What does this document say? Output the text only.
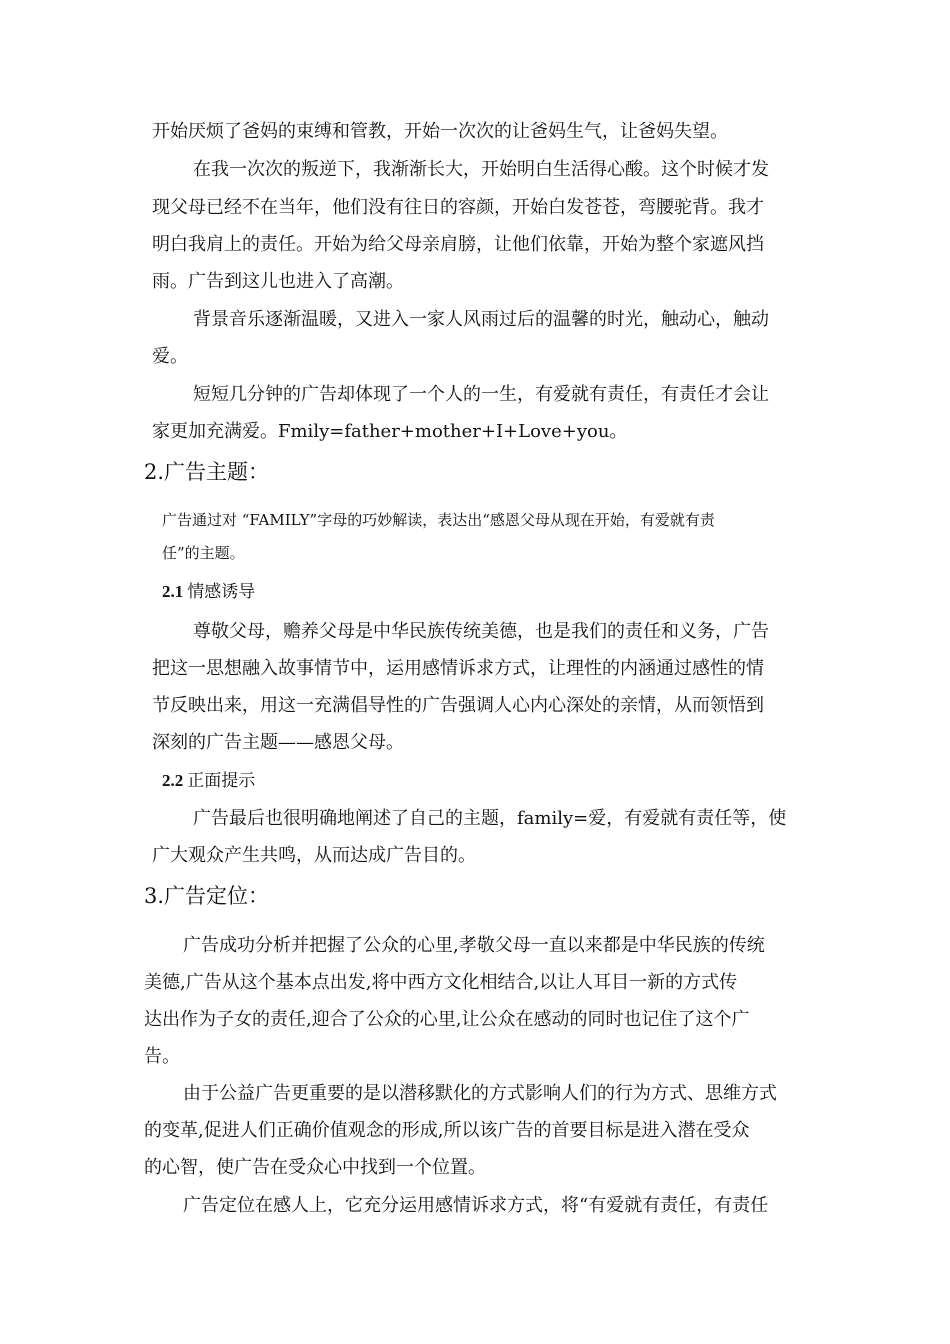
开始厌烦了爸妈的束缚和管教，开始一次次的让爸妈生气，让爸妈失望。
在我一次次的叛逆下，我渐渐长大，开始明白生活得心酸。这个时候才发
现父母已经不在当年，他们没有往日的容颜，开始白发苍苍，弯腰驼背。我才
明白我肩上的责任。开始为给父母亲肩膀，让他们依靠，开始为整个家遮风挡
雨。广告到这儿也进入了高潮。
背景音乐逐渐温暖，又进入一家人风雨过后的温馨的时光，触动心，触动
爱。
短短几分钟的广告却体现了一个人的一生，有爱就有责任，有责任才会让
家更加充满爱。Fmily=father+mother+I+Love+you。
2.广告主题：
广告通过对 “FAMILY”字母的巧妙解读，表达出“感恩父母从现在开始，有爱就有责
任”的主题。
2.1 情感诱导
尊敬父母，赡养父母是中华民族传统美德，也是我们的责任和义务，广告
把这一思想融入故事情节中，运用感情诉求方式，让理性的内涵通过感性的情
节反映出来，用这一充满倡导性的广告强调人心内心深处的亲情，从而领悟到
深刻的广告主题——感恩父母。
2.2 正面提示
广告最后也很明确地阐述了自己的主题，family=爱，有爱就有责任等，使
广大观众产生共鸣，从而达成广告目的。
3.广告定位：
广告成功分析并把握了公众的心里,孝敬父母一直以来都是中华民族的传统
美德,广告从这个基本点出发,将中西方文化相结合,以让人耳目一新的方式传
达出作为子女的责任,迎合了公众的心里,让公众在感动的同时也记住了这个广
告。
由于公益广告更重要的是以潜移默化的方式影响人们的行为方式、思维方式
的变革,促进人们正确价值观念的形成,所以该广告的首要目标是进入潜在受众
的心智，使广告在受众心中找到一个位置。
广告定位在感人上，它充分运用感情诉求方式，将“有爱就有责任，有责任
